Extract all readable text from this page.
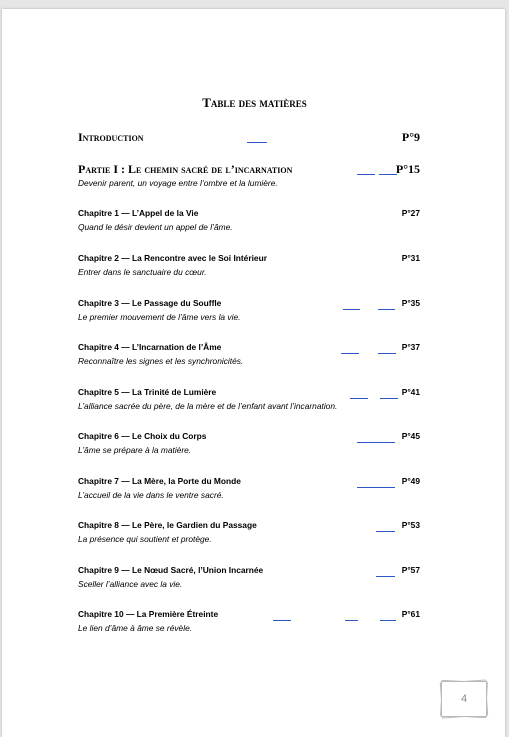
Table des matières
Introduction	P°9
Partie I : Le chemin sacré de l’incarnation	P°15
Devenir parent, un voyage entre l’ombre et la lumière.
Chapitre 1 — L’Appel de la Vie	P°27
Quand le désir devient un appel de l’âme.
Chapitre 2 — La Rencontre avec le Soi Intérieur	P°31
Entrer dans le sanctuaire du cœur.
Chapitre 3 — Le Passage du Souffle	P°35
Le premier mouvement de l’âme vers la vie.
Chapitre 4 — L’Incarnation de l’Âme	P°37
Reconnaître les signes et les synchronicités.
Chapitre 5 — La Trinité de Lumière	P°41
L’alliance sacrée du père, de la mère et de l’enfant avant l’incarnation.
Chapitre 6 — Le Choix du Corps	P°45
L’âme se prépare à la matière.
Chapitre 7 — La Mère, la Porte du Monde	P°49
L’accueil de la vie dans le ventre sacré.
Chapitre 8 — Le Père, le Gardien du Passage	P°53
La présence qui soutient et protège.
Chapitre 9 — Le Nœud Sacré, l’Union Incarnée	P°57
Sceller l’alliance avec la vie.
Chapitre 10 — La Première Étreinte	P°61
Le lien d’âme à âme se révèle.
4
